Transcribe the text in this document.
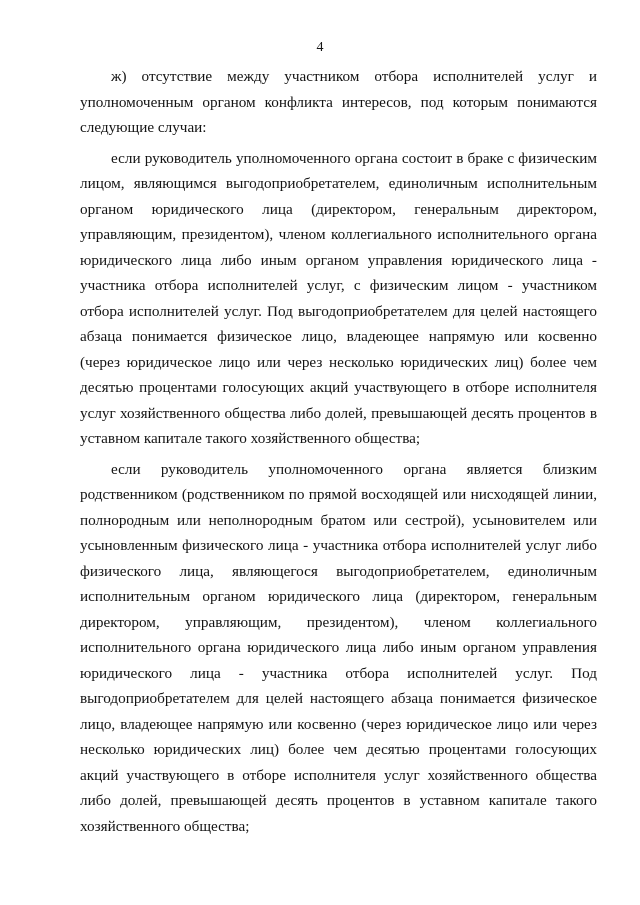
4

ж) отсутствие между участником отбора исполнителей услуг и уполномоченным органом конфликта интересов, под которым понимаются следующие случаи:

если руководитель уполномоченного органа состоит в браке с физическим лицом, являющимся выгодоприобретателем, единоличным исполнительным органом юридического лица (директором, генеральным директором, управляющим, президентом), членом коллегиального исполнительного органа юридического лица либо иным органом управления юридического лица - участника отбора исполнителей услуг, с физическим лицом - участником отбора исполнителей услуг. Под выгодоприобретателем для целей настоящего абзаца понимается физическое лицо, владеющее напрямую или косвенно (через юридическое лицо или через несколько юридических лиц) более чем десятью процентами голосующих акций участвующего в отборе исполнителя услуг хозяйственного общества либо долей, превышающей десять процентов в уставном капитале такого хозяйственного общества;

если руководитель уполномоченного органа является близким родственником (родственником по прямой восходящей или нисходящей линии, полнородным или неполнородным братом или сестрой), усыновителем или усыновленным физического лица - участника отбора исполнителей услуг либо физического лица, являющегося выгодоприобретателем, единоличным исполнительным органом юридического лица (директором, генеральным директором, управляющим, президентом), членом коллегиального исполнительного органа юридического лица либо иным органом управления юридического лица - участника отбора исполнителей услуг. Под выгодоприобретателем для целей настоящего абзаца понимается физическое лицо, владеющее напрямую или косвенно (через юридическое лицо или через несколько юридических лиц) более чем десятью процентами голосующих акций участвующего в отборе исполнителя услуг хозяйственного общества либо долей, превышающей десять процентов в уставном капитале такого хозяйственного общества;
